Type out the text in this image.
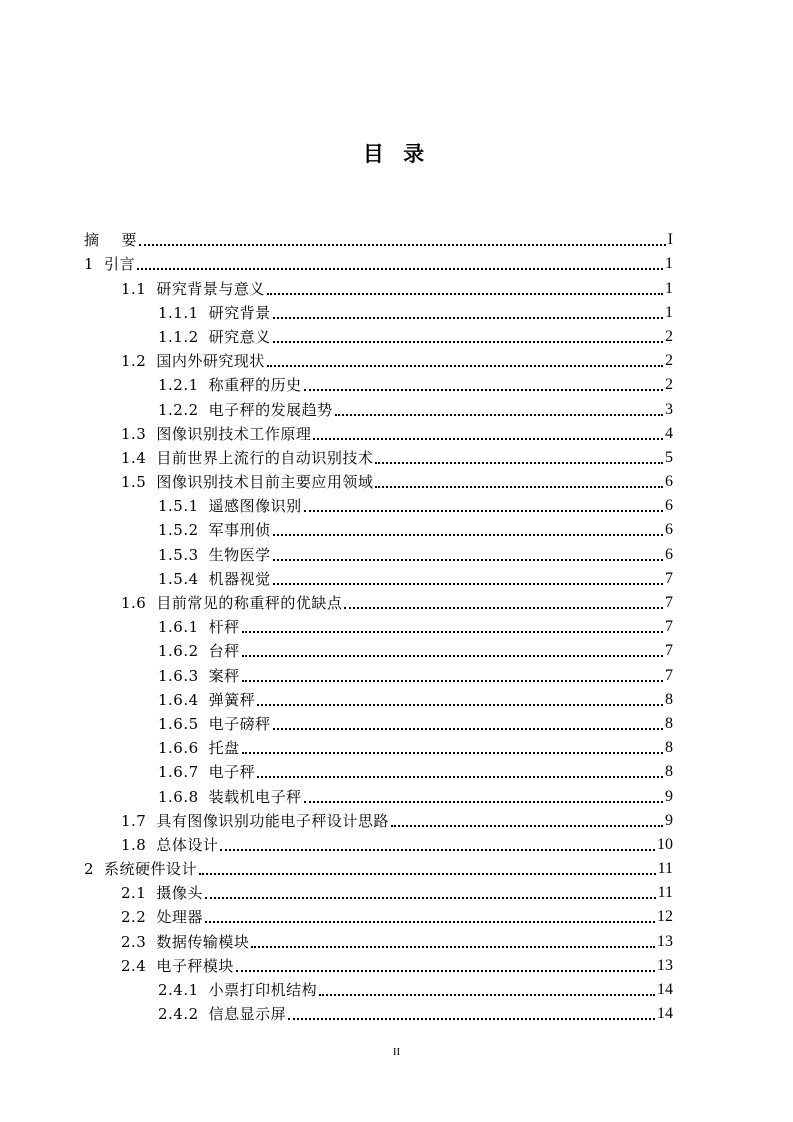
目 录
摘 要	I
1 引言	1
1.1 研究背景与意义	1
1.1.1 研究背景	1
1.1.2 研究意义	2
1.2 国内外研究现状	2
1.2.1 称重秤的历史	2
1.2.2 电子秤的发展趋势	3
1.3 图像识别技术工作原理	4
1.4 目前世界上流行的自动识别技术	5
1.5 图像识别技术目前主要应用领域	6
1.5.1 遥感图像识别	6
1.5.2 军事刑侦	6
1.5.3 生物医学	6
1.5.4 机器视觉	7
1.6 目前常见的称重秤的优缺点	7
1.6.1 杆秤	7
1.6.2 台秤	7
1.6.3 案秤	7
1.6.4 弹簧秤	8
1.6.5 电子磅秤	8
1.6.6 托盘	8
1.6.7 电子秤	8
1.6.8 装载机电子秤	9
1.7 具有图像识别功能电子秤设计思路	9
1.8 总体设计	10
2 系统硬件设计	11
2.1 摄像头	11
2.2 处理器	12
2.3 数据传输模块	13
2.4 电子秤模块	13
2.4.1 小票打印机结构	14
2.4.2 信息显示屏	14
II
